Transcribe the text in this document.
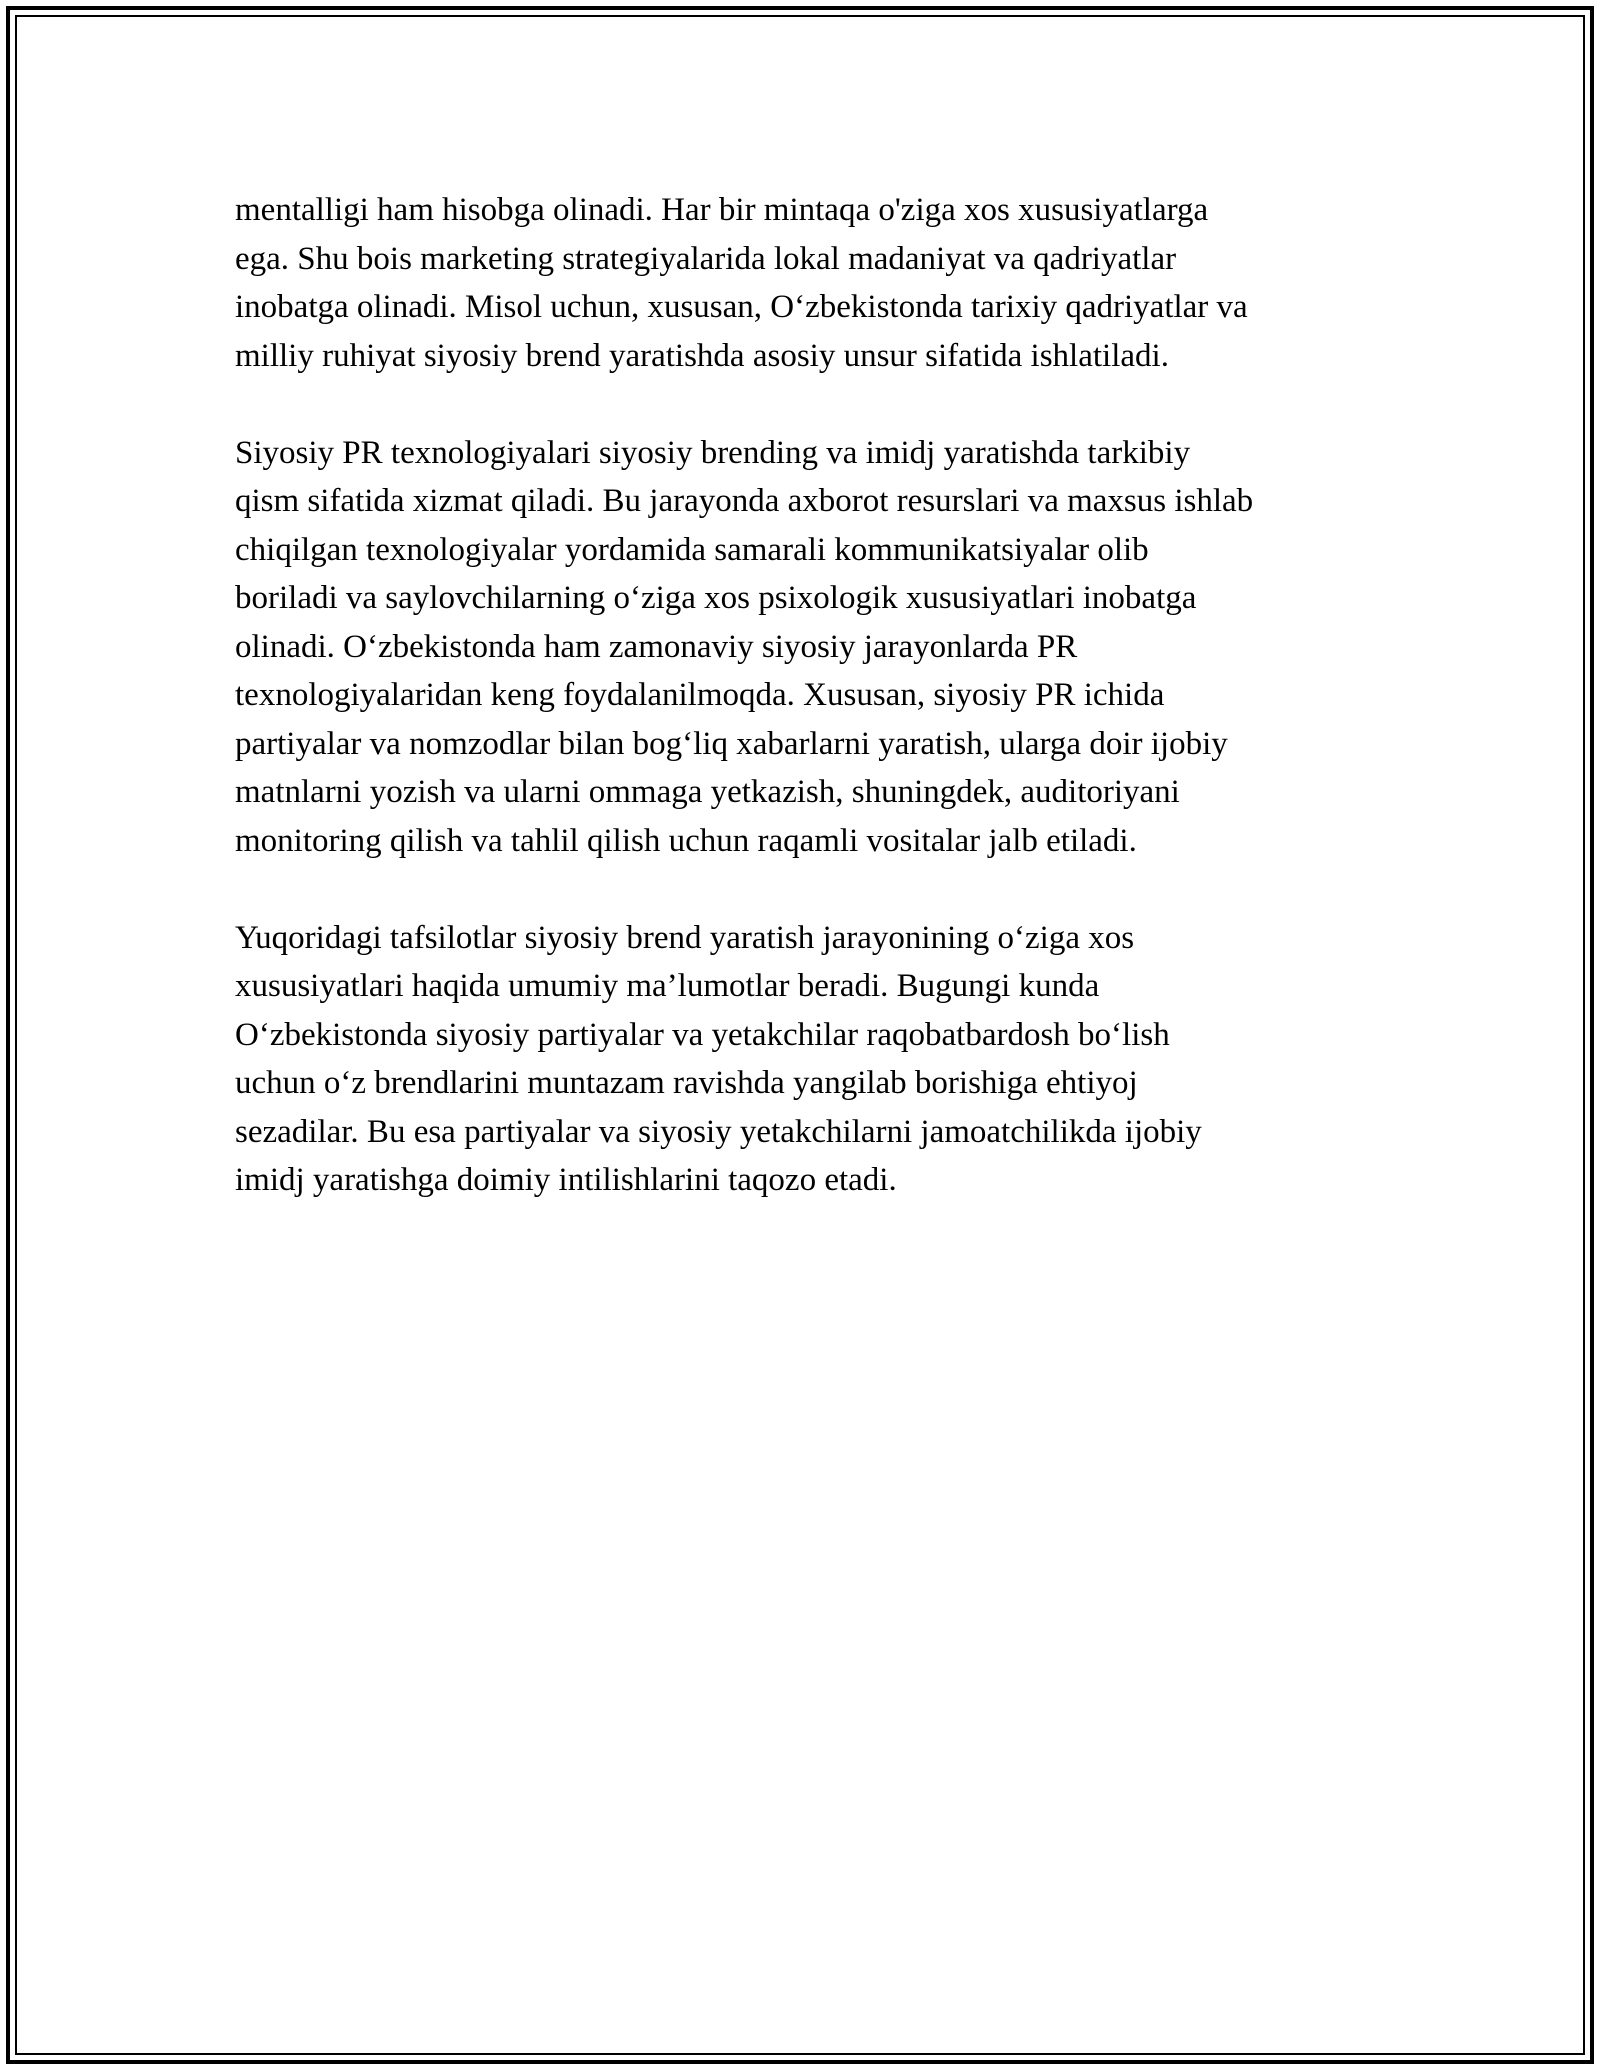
mentalligi ham hisobga olinadi. Har bir mintaqa o'ziga xos xususiyatlarga
ega. Shu bois marketing strategiyalarida lokal madaniyat va qadriyatlar
inobatga olinadi. Misol uchun, xususan, O‘zbekistonda tarixiy qadriyatlar va
milliy ruhiyat siyosiy brend yaratishda asosiy unsur sifatida ishlatiladi.
Siyosiy PR texnologiyalari siyosiy brending va imidj yaratishda tarkibiy
qism sifatida xizmat qiladi. Bu jarayonda axborot resurslari va maxsus ishlab
chiqilgan texnologiyalar yordamida samarali kommunikatsiyalar olib
boriladi va saylovchilarning o‘ziga xos psixologik xususiyatlari inobatga
olinadi. O‘zbekistonda ham zamonaviy siyosiy jarayonlarda PR
texnologiyalaridan keng foydalanilmoqda. Xususan, siyosiy PR ichida
partiyalar va nomzodlar bilan bog‘liq xabarlarni yaratish, ularga doir ijobiy
matnlarni yozish va ularni ommaga yetkazish, shuningdek, auditoriyani
monitoring qilish va tahlil qilish uchun raqamli vositalar jalb etiladi.
Yuqoridagi tafsilotlar siyosiy brend yaratish jarayonining o‘ziga xos
xususiyatlari haqida umumiy ma’lumotlar beradi. Bugungi kunda
O‘zbekistonda siyosiy partiyalar va yetakchilar raqobatbardosh bo‘lish
uchun o‘z brendlarini muntazam ravishda yangilab borishiga ehtiyoj
sezadilar. Bu esa partiyalar va siyosiy yetakchilarni jamoatchilikda ijobiy
imidj yaratishga doimiy intilishlarini taqozo etadi.
